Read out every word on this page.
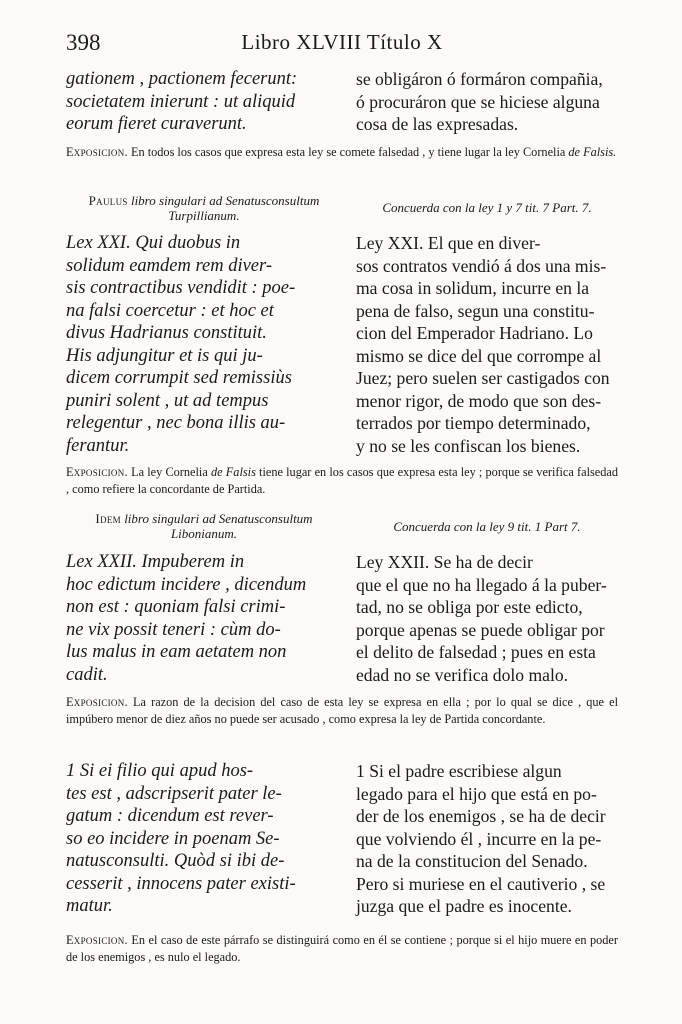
398	Libro XLVIII Título X
gationem , pactionem fecerunt:
societatem inierunt : ut aliquid
eorum fieret curaverunt.
se obligáron ó formáron compañia,
ó procuráron que se hiciese alguna
cosa de las expresadas.
Exposicion. En todos los casos que expresa esta ley se comete falsedad , y tiene lugar la ley Cornelia de Falsis.
Paulus libro singulari ad Senatusconsultum
Turpillianum.
Concuerda con la ley 1 y 7 tit. 7 Part. 7.
Lex XXI. Qui duobus in
solidum eamdem rem diver-
sis contractibus vendidit : poe-
na falsi coercetur : et hoc et
divus Hadrianus constituit.
His adjungitur et is qui ju-
dicem corrumpit sed remissiùs
puniri solent , ut ad tempus
relegentur , nec bona illis au-
ferantur.
Ley XXI. El que en diver-
sos contratos vendió á dos una mis-
ma cosa in solidum, incurre en la
pena de falso, segun una constitu-
cion del Emperador Hadriano. Lo
mismo se dice del que corrompe al
Juez; pero suelen ser castigados con
menor rigor, de modo que son des-
terrados por tiempo determinado,
y no se les confiscan los bienes.
Exposicion. La ley Cornelia de Falsis tiene lugar en los casos que expresa esta ley ; porque se verifica falsedad , como refiere la concordante de Partida.
Idem libro singulari ad Senatusconsultum
Libonianum.	Concuerda con la ley 9 tit. 1 Part 7.
Lex XXII. Impuberem in
hoc edictum incidere , dicendum
non est : quoniam falsi crimi-
ne vix possit teneri : cùm do-
lus malus in eam aetatem non
cadit.
Ley XXII. Se ha de decir
que el que no ha llegado á la puber-
tad, no se obliga por este edicto,
porque apenas se puede obligar por
el delito de falsedad ; pues en esta
edad no se verifica dolo malo.
Exposicion. La razon de la decision del caso de esta ley se expresa en ella ; por lo qual se dice , que el impúbero menor de diez años no puede ser acusado , como expresa la ley de Partida concordante.
1 Si ei filio qui apud hos-
tes est , adscripserit pater le-
gatum : dicendum est rever-
so eo incidere in poenam Se-
natusconsulti. Quòd si ibi de-
cesserit , innocens pater existi-
matur.
1 Si el padre escribiese algun
legado para el hijo que está en po-
der de los enemigos , se ha de decir
que volviendo él , incurre en la pe-
na de la constitucion del Senado.
Pero si muriese en el cautiverio , se
juzga que el padre es inocente.
Exposicion. En el caso de este párrafo se distinguirá como en él se contiene ; porque si el hijo muere en poder de los enemigos , es nulo el legado.
